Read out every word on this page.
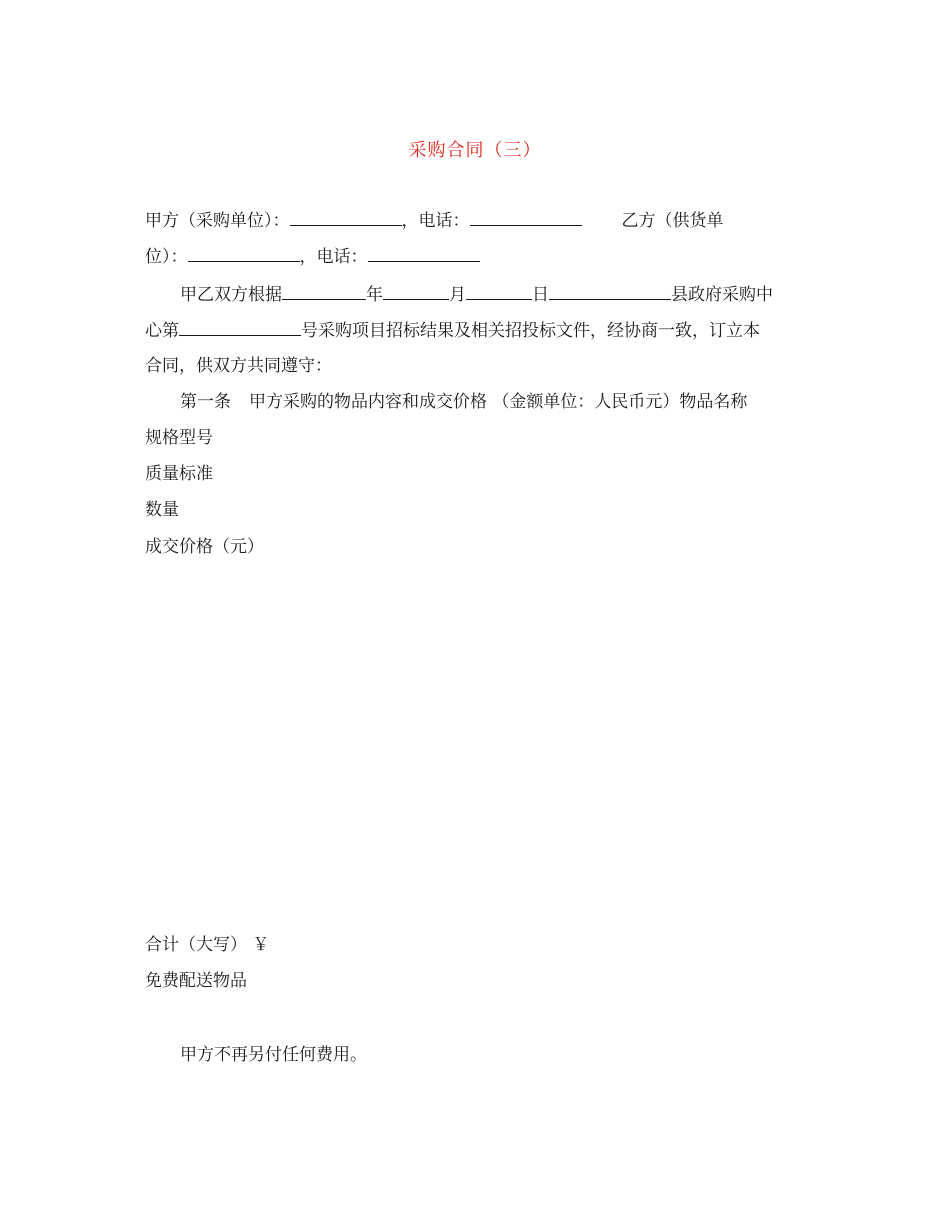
采购合同（三）
甲方（采购单位）：	，电话：	乙方（供货单
位）：	，电话：
甲乙双方根据	年	月	日	县政府采购中
心第	号采购项目招标结果及相关招投标文件，经协商一致，订立本
合同，供双方共同遵守：
第一条 甲方采购的物品内容和成交价格 （金额单位：人民币元）物品名称
规格型号
质量标准
数量
成交价格（元）
合计（大写） ￥
免费配送物品
甲方不再另付任何费用。
